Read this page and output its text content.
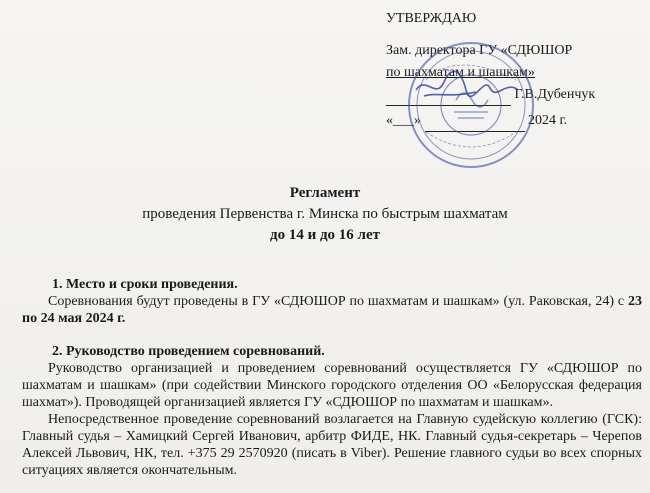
УТВЕРЖДАЮ
Зам. директора ГУ «СДЮШОР
по шахматам и шашкам»
Г.В.Дубенчук
«___»	2024 г.
Регламент
проведения Первенства г. Минска по быстрым шахматам
до 14 и до 16 лет
1. Место и сроки проведения.

Соревнования будут проведены в ГУ «СДЮШОР по шахматам и шашкам» (ул. Раковская, 24) с 23 по 24 мая 2024 г.

2. Руководство проведением соревнований.

Руководство организацией и проведением соревнований осуществляется ГУ «СДЮШОР по шахматам и шашкам» (при содействии Минского городского отделения ОО «Белорусская федерация шахмат»). Проводящей организацией является ГУ «СДЮШОР по шахматам и шашкам».

Непосредственное проведение соревнований возлагается на Главную судейскую коллегию (ГСК): Главный судья – Хамицкий Сергей Иванович, арбитр ФИДЕ, НК. Главный судья-секретарь – Черепов Алексей Львович, НК, тел. +375 29 2570920 (писать в Viber). Решение главного судьи во всех спорных ситуациях является окончательным.
